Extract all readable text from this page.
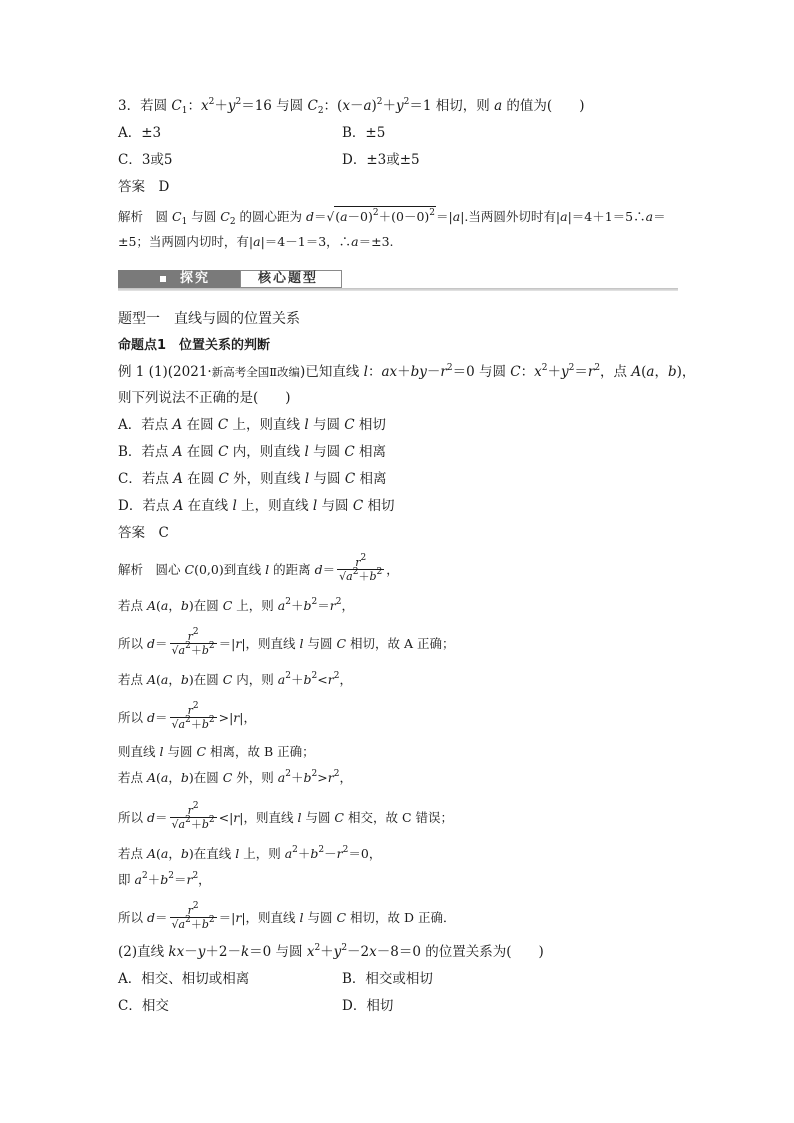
3．若圆 $C_1$：$x^2+y^2=16$ 与圆 $C_2$：$(x-a)^2+y^2=1$ 相切，则 a 的值为(　　)
A．±3	B．±5
C．3或5	D．±3或±5
答案　D
解析　圆 $C_1$ 与圆 $C_2$ 的圆心距为 $d=√(a-0)^2+(0-0)^2=|a|$.当两圆外切时有|a|＝4＋1＝5∴a＝
±5；当两圆内切时，有|a|＝4－1＝3，∴a＝±3.
探究	核心题型
题型一　直线与圆的位置关系
命题点1　位置关系的判断
例 1 (1)(2021·新高考全国Ⅱ改编)已知直线 l：$ax+by-r^2=0$ 与圆 C：$x^2+y^2=r^2$，点 A(a，b)，
则下列说法不正确的是(　　)
A．若点 A 在圆 C 上，则直线 l 与圆 C 相切
B．若点 A 在圆 C 内，则直线 l 与圆 C 相离
C．若点 A 在圆 C 外，则直线 l 与圆 C 相离
D．若点 A 在直线 l 上，则直线 l 与圆 C 相切
答案　C
解析　圆心 C(0,0)到直线 l 的距离 $d= \frac{r^2}{√a^2+b^2}$ ，
若点 A(a，b)在圆 C 上，则 $a^2+b^2=r^2$，
所以 $d= \frac{r^2}{√a^2+b^2} =|r|$，则直线 l 与圆 C 相切，故 A 正确；
若点 A(a，b)在圆 C 内，则 $a^2+b^2<r^2$，
所以 $d= \frac{r^2}{√a^2+b^2} >|r|$，
则直线 l 与圆 C 相离，故 B 正确；
若点 A(a，b)在圆 C 外，则 $a^2+b^2>r^2$，
所以 $d= \frac{r^2}{√a^2+b^2} <|r|$，则直线 l 与圆 C 相交，故 C 错误；
若点 A(a，b)在直线 l 上，则 $a^2+b^2-r^2=0$，
即 $a^2+b^2=r^2$，
所以 $d= \frac{r^2}{√a^2+b^2} =|r|$，则直线 l 与圆 C 相切，故 D 正确．
(2)直线 kx－y＋2－k＝0 与圆 $x^2+y^2-2x-8=0$ 的位置关系为(　　)
A．相交、相切或相离	B．相交或相切
C．相交	D．相切
